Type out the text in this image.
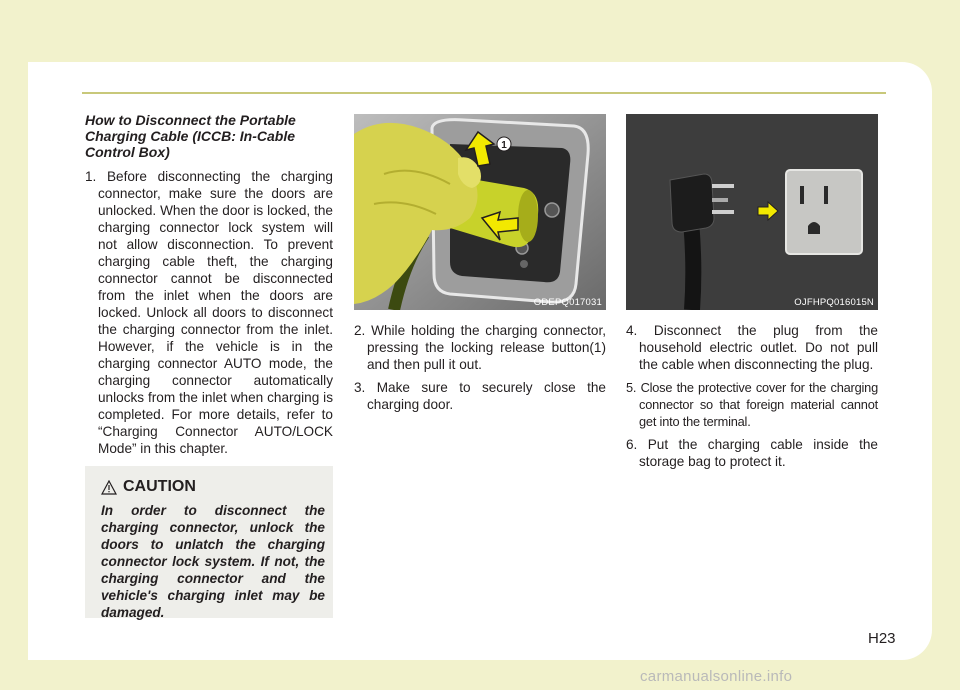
How to Disconnect the Portable Charging Cable (ICCB: In-Cable Control Box)

1. Before disconnecting the charging connector, make sure the doors are unlocked. When the door is locked, the charging connector lock system will not allow disconnection. To prevent charging cable theft, the charging connector cannot be disconnected from the inlet when the doors are locked. Unlock all doors to disconnect the charging connector from the inlet. However, if the vehicle is in the charging connector AUTO mode, the charging connector automatically unlocks from the inlet when charging is completed. For more details, refer to “Charging Connector AUTO/LOCK Mode” in this chapter.

CAUTION
In order to disconnect the charging connector, unlock the doors to unlatch the charging connector lock system. If not, the charging connector and the vehicle's charging inlet may be damaged.
1
ODEPQ017031

2. While holding the charging connector, pressing the locking release button(1) and then pull it out.

3. Make sure to securely close the charging door.

OJFHPQ016015N

4. Disconnect the plug from the household electric outlet. Do not pull the cable when disconnecting the plug.

5. Close the protective cover for the charging connector so that foreign material cannot get into the terminal.

6. Put the charging cable inside the storage bag to protect it.

H23
carmanualsonline.info
